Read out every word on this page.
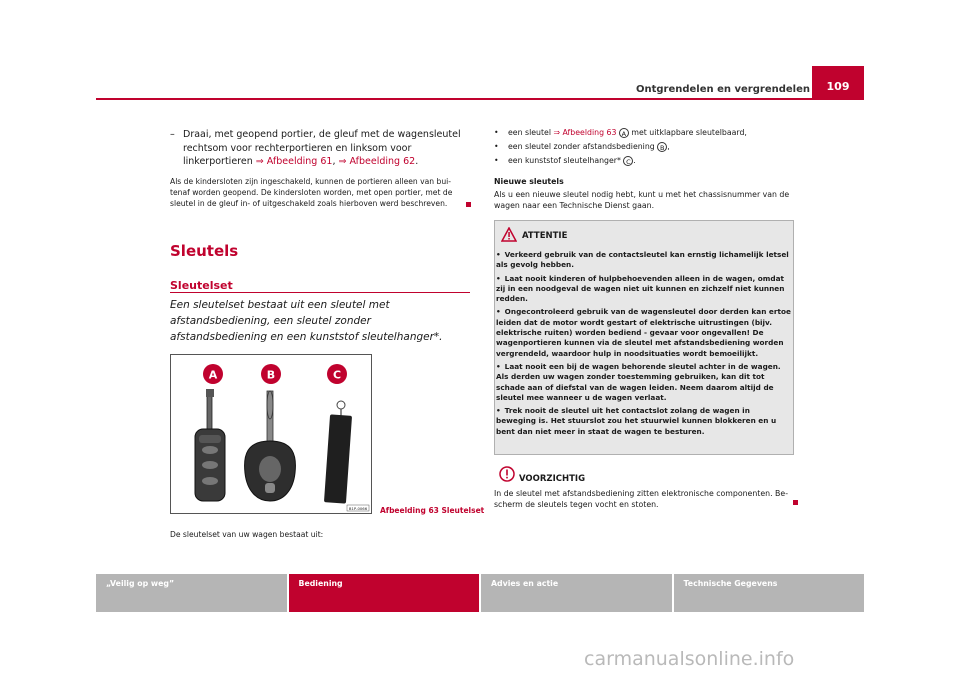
Ontgrendelen en vergrendelen 109
– Draai, met geopend portier, de gleuf met de wagensleutel rechtsom voor rechterportieren en linksom voor linkerportieren ⇒ Afbeelding 61, ⇒ Afbeelding 62.
Als de kindersloten zijn ingeschakeld, kunnen de portieren alleen van buitenaf worden geopend. De kindersloten worden, met open portier, met de sleutel in de gleuf in- of uitgeschakeld zoals hierboven werd beschreven.
Sleutels
Sleutelset
Een sleutelset bestaat uit een sleutel met afstandsbediening, een sleutel zonder afstandsbediening en een kunststof sleutelhanger*.
A	B	C
B1P-0066 Afbeelding 63 Sleutelset
De sleutelset van uw wagen bestaat uit:
• een sleutel ⇒ Afbeelding 63 A met uitklapbare sleutelbaard,
• een sleutel zonder afstandsbediening B ,
• een kunststof sleutelhanger* C .
Nieuwe sleutels
Als u een nieuwe sleutel nodig hebt, kunt u met het chassisnummer van de wagen naar een Technische Dienst gaan.
ATTENTIE
• Verkeerd gebruik van de contactsleutel kan ernstig lichamelijk letsel als gevolg hebben.
• Laat nooit kinderen of hulpbehoevenden alleen in de wagen, omdat zij in een noodgeval de wagen niet uit kunnen en zichzelf niet kunnen redden.
• Ongecontroleerd gebruik van de wagensleutel door derden kan ertoe leiden dat de motor wordt gestart of elektrische uitrustingen (bijv. elektrische ruiten) worden bediend - gevaar voor ongevallen! De wagenportieren kunnen via de sleutel met afstandsbediening worden vergrendeld, waardoor hulp in noodsituaties wordt bemoeilijkt.
• Laat nooit een bij de wagen behorende sleutel achter in de wagen. Als derden uw wagen zonder toestemming gebruiken, kan dit tot schade aan of diefstal van de wagen leiden. Neem daarom altijd de sleutel mee wanneer u de wagen verlaat.
• Trek nooit de sleutel uit het contactslot zolang de wagen in beweging is. Het stuurslot zou het stuurwiel kunnen blokkeren en u bent dan niet meer in staat de wagen te besturen.
VOORZICHTIG
In de sleutel met afstandsbediening zitten elektronische componenten. Bescherm de sleutels tegen vocht en stoten.
„Veilig op weg”	Bediening	Advies en actie	Technische Gegevens
carmanualsonline.info
